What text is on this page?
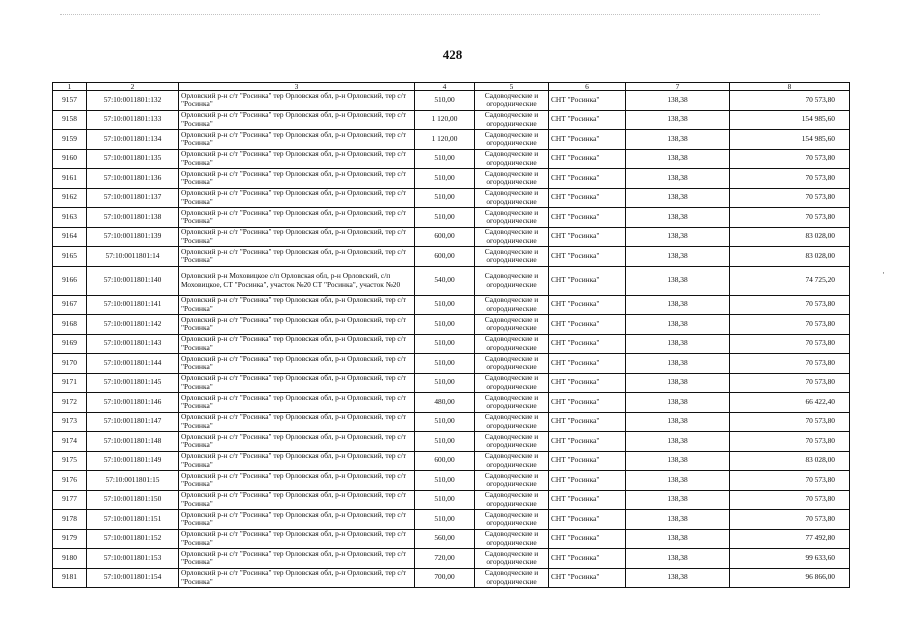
428
1	2	3	4	5	6	7	8
9157	57:10:0011801:132	Орловский р-н с/т "Росинка" тер Орловская обл, р-н Орловский, тер с/т "Росинка"	510,00	Садоводческие и огороднические	СНТ "Росинка"	138,38	70 573,80
9158	57:10:0011801:133	Орловский р-н с/т "Росинка" тер Орловская обл, р-н Орловский, тер с/т "Росинка"	1 120,00	Садоводческие и огороднические	СНТ "Росинка"	138,38	154 985,60
9159	57:10:0011801:134	Орловский р-н с/т "Росинка" тер Орловская обл, р-н Орловский, тер с/т "Росинка"	1 120,00	Садоводческие и огороднические	СНТ "Росинка"	138,38	154 985,60
9160	57:10:0011801:135	Орловский р-н с/т "Росинка" тер Орловская обл, р-н Орловский, тер с/т "Росинка"	510,00	Садоводческие и огороднические	СНТ "Росинка"	138,38	70 573,80
9161	57:10:0011801:136	Орловский р-н с/т "Росинка" тер Орловская обл, р-н Орловский, тер с/т "Росинка"	510,00	Садоводческие и огороднические	СНТ "Росинка"	138,38	70 573,80
9162	57:10:0011801:137	Орловский р-н с/т "Росинка" тер Орловская обл, р-н Орловский, тер с/т "Росинка"	510,00	Садоводческие и огороднические	СНТ "Росинка"	138,38	70 573,80
9163	57:10:0011801:138	Орловский р-н с/т "Росинка" тер Орловская обл, р-н Орловский, тер с/т "Росинка"	510,00	Садоводческие и огороднические	СНТ "Росинка"	138,38	70 573,80
9164	57:10:0011801:139	Орловский р-н с/т "Росинка" тер Орловская обл, р-н Орловский, тер с/т "Росинка"	600,00	Садоводческие и огороднические	СНТ "Росинка"	138,38	83 028,00
9165	57:10:0011801:14	Орловский р-н с/т "Росинка" тер Орловская обл, р-н Орловский, тер с/т "Росинка"	600,00	Садоводческие и огороднические	СНТ "Росинка"	138,38	83 028,00
9166	57:10:0011801:140	Орловский р-н Моховицкое с/п Орловская обл, р-н Орловский, с/п Моховицкое, СТ "Росинка", участок №20 СТ "Росинка", участок №20	540,00	Садоводческие и огороднические	СНТ "Росинка"	138,38	74 725,20
9167	57:10:0011801:141	Орловский р-н с/т "Росинка" тер Орловская обл, р-н Орловский, тер с/т "Росинка"	510,00	Садоводческие и огороднические	СНТ "Росинка"	138,38	70 573,80
9168	57:10:0011801:142	Орловский р-н с/т "Росинка" тер Орловская обл, р-н Орловский, тер с/т "Росинка"	510,00	Садоводческие и огороднические	СНТ "Росинка"	138,38	70 573,80
9169	57:10:0011801:143	Орловский р-н с/т "Росинка" тер Орловская обл, р-н Орловский, тер с/т "Росинка"	510,00	Садоводческие и огороднические	СНТ "Росинка"	138,38	70 573,80
9170	57:10:0011801:144	Орловский р-н с/т "Росинка" тер Орловская обл, р-н Орловский, тер с/т "Росинка"	510,00	Садоводческие и огороднические	СНТ "Росинка"	138,38	70 573,80
9171	57:10:0011801:145	Орловский р-н с/т "Росинка" тер Орловская обл, р-н Орловский, тер с/т "Росинка"	510,00	Садоводческие и огороднические	СНТ "Росинка"	138,38	70 573,80
9172	57:10:0011801:146	Орловский р-н с/т "Росинка" тер Орловская обл, р-н Орловский, тер с/т "Росинка"	480,00	Садоводческие и огороднические	СНТ "Росинка"	138,38	66 422,40
9173	57:10:0011801:147	Орловский р-н с/т "Росинка" тер Орловская обл, р-н Орловский, тер с/т "Росинка"	510,00	Садоводческие и огороднические	СНТ "Росинка"	138,38	70 573,80
9174	57:10:0011801:148	Орловский р-н с/т "Росинка" тер Орловская обл, р-н Орловский, тер с/т "Росинка"	510,00	Садоводческие и огороднические	СНТ "Росинка"	138,38	70 573,80
9175	57:10:0011801:149	Орловский р-н с/т "Росинка" тер Орловская обл, р-н Орловский, тер с/т "Росинка"	600,00	Садоводческие и огороднические	СНТ "Росинка"	138,38	83 028,00
9176	57:10:0011801:15	Орловский р-н с/т "Росинка" тер Орловская обл, р-н Орловский, тер с/т "Росинка"	510,00	Садоводческие и огороднические	СНТ "Росинка"	138,38	70 573,80
9177	57:10:0011801:150	Орловский р-н с/т "Росинка" тер Орловская обл, р-н Орловский, тер с/т "Росинка"	510,00	Садоводческие и огороднические	СНТ "Росинка"	138,38	70 573,80
9178	57:10:0011801:151	Орловский р-н с/т "Росинка" тер Орловская обл, р-н Орловский, тер с/т "Росинка"	510,00	Садоводческие и огороднические	СНТ "Росинка"	138,38	70 573,80
9179	57:10:0011801:152	Орловский р-н с/т "Росинка" тер Орловская обл, р-н Орловский, тер с/т "Росинка"	560,00	Садоводческие и огороднические	СНТ "Росинка"	138,38	77 492,80
9180	57:10:0011801:153	Орловский р-н с/т "Росинка" тер Орловская обл, р-н Орловский, тер с/т "Росинка"	720,00	Садоводческие и огороднические	СНТ "Росинка"	138,38	99 633,60
9181	57:10:0011801:154	Орловский р-н с/т "Росинка" тер Орловская обл, р-н Орловский, тер с/т "Росинка"	700,00	Садоводческие и огороднические	СНТ "Росинка"	138,38	96 866,00
·
